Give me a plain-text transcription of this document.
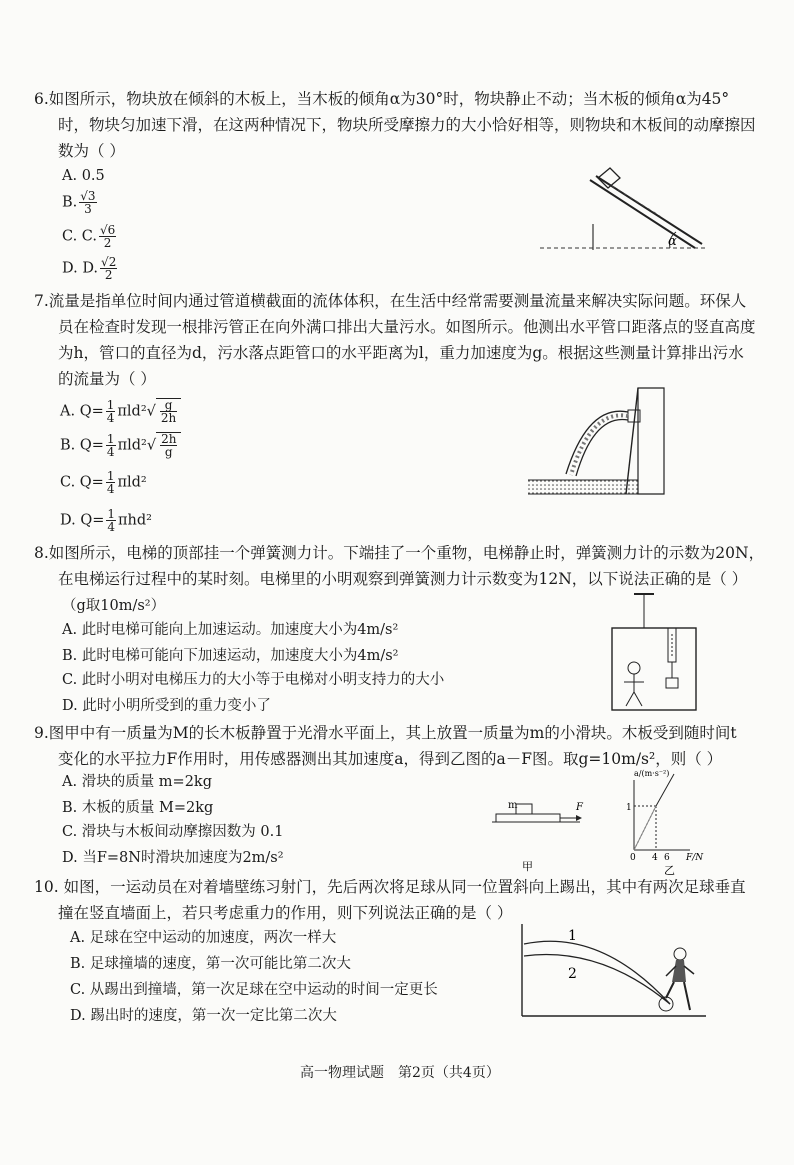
6.如图所示，物块放在倾斜的木板上，当木板的倾角α为30°时，物块静止不动；当木板的倾角α为45°
时，物块匀加速下滑，在这两种情况下，物块所受摩擦力的大小恰好相等，则物块和木板间的动摩擦因
数为（ ）
A. 0.5
B. $\frac{√3}{3}$
C. C. $\frac{√6}{2}$
D. D. $\frac{√2}{2}$
α
7.流量是指单位时间内通过管道横截面的流体体积，在生活中经常需要测量流量来解决实际问题。环保人
员在检查时发现一根排污管正在向外满口排出大量污水。如图所示。他测出水平管口距落点的竖直高度
为h，管口的直径为d，污水落点距管口的水平距离为l，重力加速度为g。根据这些测量计算排出污水
的流量为（ ）
A. $Q= \frac{1}{4} \pi ld^2√ \frac{g}{2h}$
B. $Q= \frac{1}{4} \pi ld^2√ \frac{2h}{g}$
C. $Q= \frac{1}{4} \pi ld^2$
D. $Q= \frac{1}{4} \pi hd^2$
8.如图所示，电梯的顶部挂一个弹簧测力计。下端挂了一个重物，电梯静止时，弹簧测力计的示数为20N，
在电梯运行过程中的某时刻。电梯里的小明观察到弹簧测力计示数变为12N，以下说法正确的是（ ）
（g取10m/s²）
A. 此时电梯可能向上加速运动。加速度大小为4m/s²
B. 此时电梯可能向下加速运动，加速度大小为4m/s²
C. 此时小明对电梯压力的大小等于电梯对小明支持力的大小
D. 此时小明所受到的重力变小了
9.图甲中有一质量为M的长木板静置于光滑水平面上，其上放置一质量为m的小滑块。木板受到随时间t
变化的水平拉力F作用时，用传感器测出其加速度a，得到乙图的a－F图。取g=10m/s²，则（ ）
A. 滑块的质量 m=2kg
B. 木板的质量 M=2kg
C. 滑块与木板间动摩擦因数为 0.1
D. 当F=8N时滑块加速度为2m/s²
m	F
甲
a/(m·s⁻²)
F/N
1
0 4 6
乙
10. 如图，一运动员在对着墙壁练习射门，先后两次将足球从同一位置斜向上踢出，其中有两次足球垂直
撞在竖直墙面上，若只考虑重力的作用，则下列说法正确的是（ ）
A. 足球在空中运动的加速度，两次一样大
B. 足球撞墙的速度，第一次可能比第二次大
C. 从踢出到撞墙，第一次足球在空中运动的时间一定更长
D. 踢出时的速度，第一次一定比第二次大
1
2
高一物理试题　第2页（共4页）
